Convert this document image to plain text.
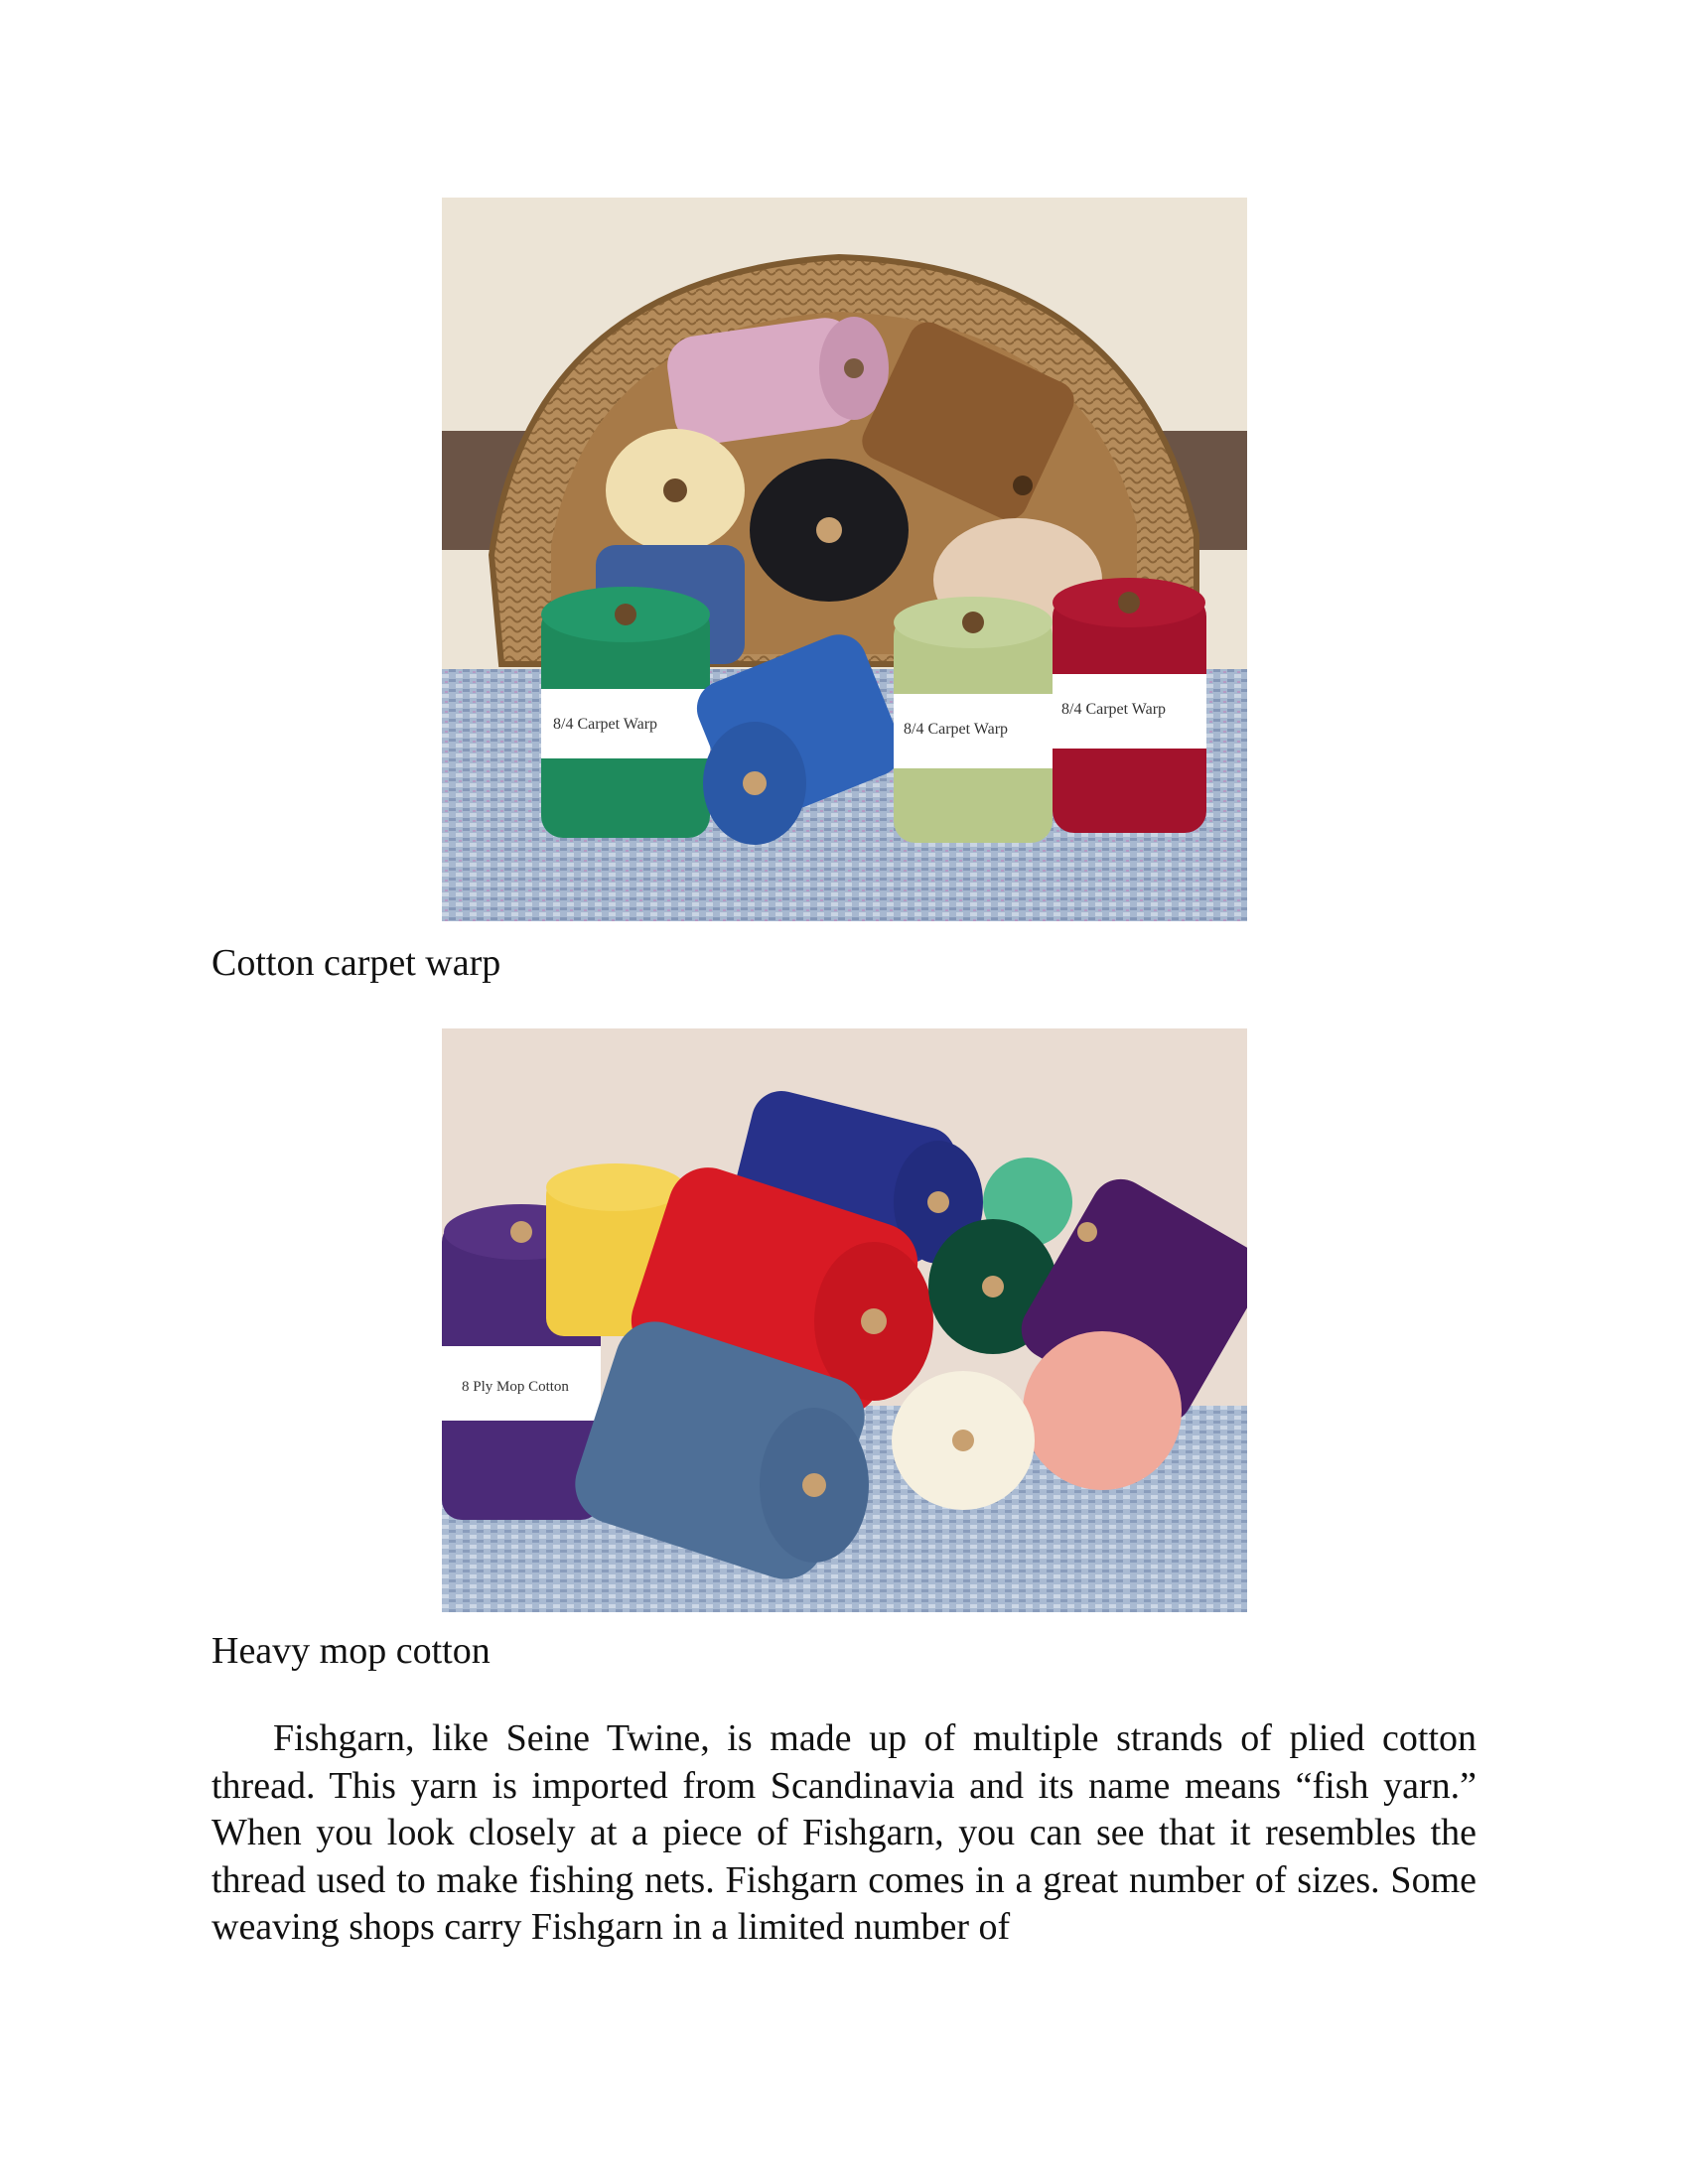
8/4 Carpet Warp	8/4 Carpet Warp
8/4 Carpet Warp
Cotton carpet warp
8 Ply Mop Cotton
Heavy mop cotton

Fishgarn, like Seine Twine, is made up of multiple strands of plied cotton thread. This yarn is imported from Scandinavia and its name means “fish yarn.” When you look closely at a piece of Fishgarn, you can see that it resembles the thread used to make fishing nets. Fishgarn comes in a great number of sizes. Some weaving shops carry Fishgarn in a limited number of
